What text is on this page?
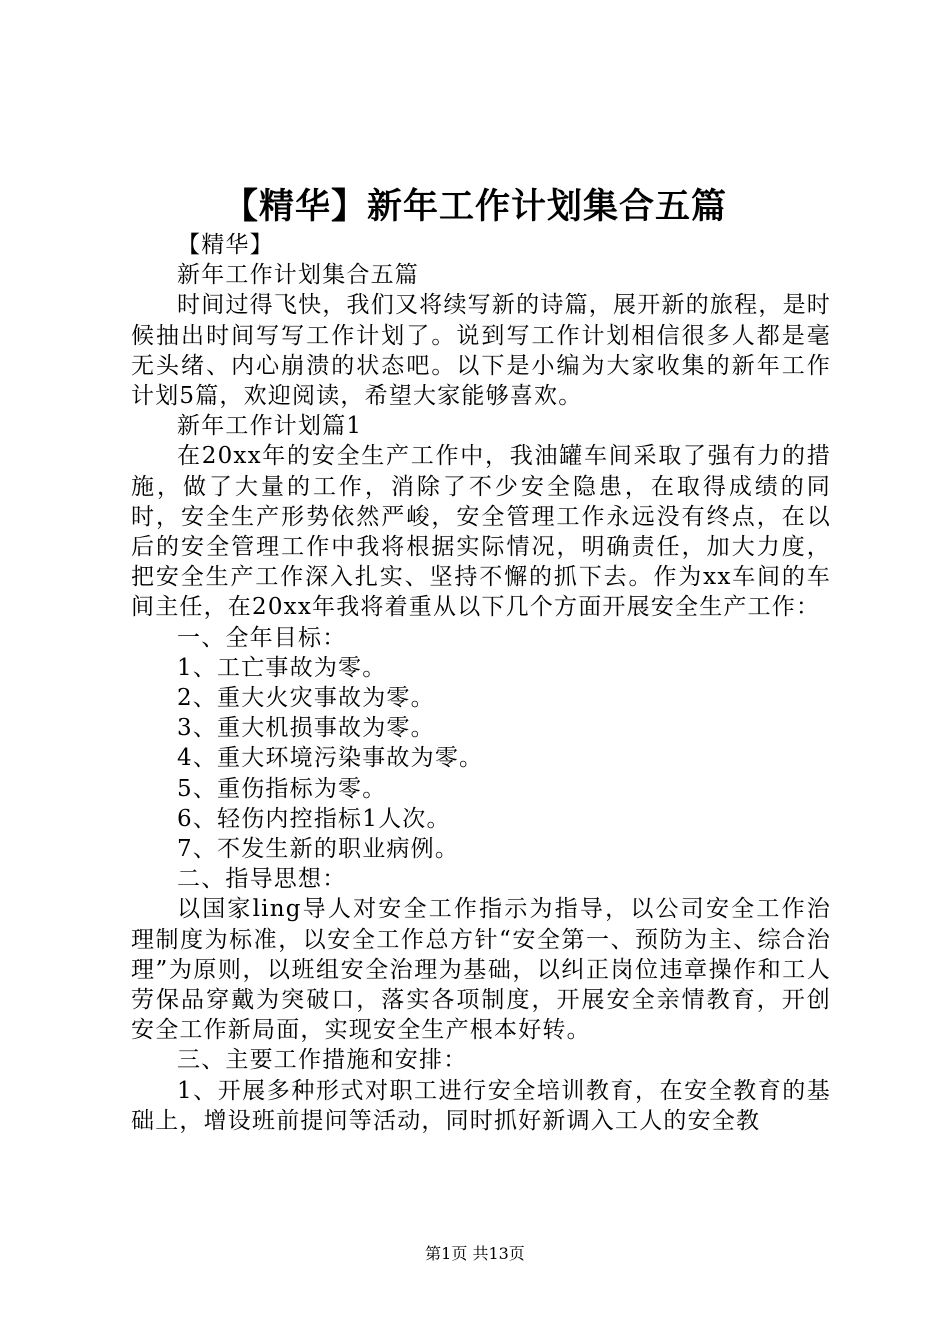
【精华】新年工作计划集合五篇

【精华】

新年工作计划集合五篇

时间过得飞快，我们又将续写新的诗篇，展开新的旅程，是时候抽出时间写写工作计划了。说到写工作计划相信很多人都是毫无头绪、内心崩溃的状态吧。以下是小编为大家收集的新年工作计划5篇，欢迎阅读，希望大家能够喜欢。

新年工作计划篇1

在20xx年的安全生产工作中，我油罐车间采取了强有力的措施，做了大量的工作，消除了不少安全隐患，在取得成绩的同时，安全生产形势依然严峻，安全管理工作永远没有终点，在以后的安全管理工作中我将根据实际情况，明确责任，加大力度，把安全生产工作深入扎实、坚持不懈的抓下去。作为xx车间的车间主任，在20xx年我将着重从以下几个方面开展安全生产工作：

一、全年目标：

1、工亡事故为零。

2、重大火灾事故为零。

3、重大机损事故为零。

4、重大环境污染事故为零。

5、重伤指标为零。

6、轻伤内控指标1人次。

7、不发生新的职业病例。

二、指导思想：

以国家ling导人对安全工作指示为指导，以公司安全工作治理制度为标准，以安全工作总方针“安全第一、预防为主、综合治理”为原则，以班组安全治理为基础，以纠正岗位违章操作和工人劳保品穿戴为突破口，落实各项制度，开展安全亲情教育，开创安全工作新局面，实现安全生产根本好转。

三、主要工作措施和安排：

1、开展多种形式对职工进行安全培训教育，在安全教育的基础上，增设班前提问等活动，同时抓好新调入工人的安全教

第1页 共13页
